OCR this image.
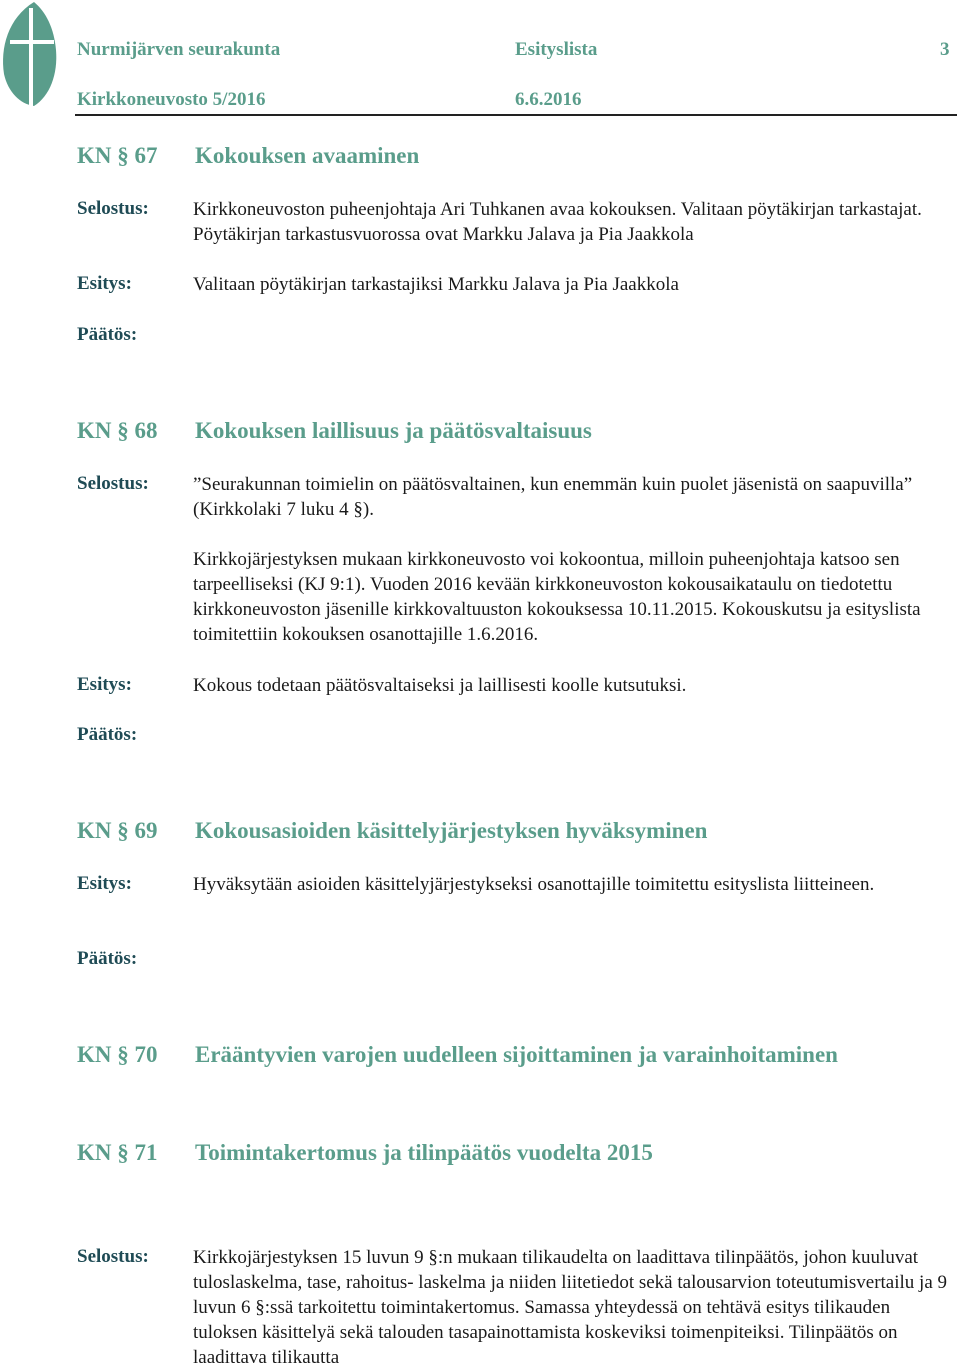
Nurmijärven seurakunta	Esityslista	3
Kirkkoneuvosto 5/2016	6.6.2016
KN § 67 Kokouksen avaaminen
Selostus: Kirkkoneuvoston puheenjohtaja Ari Tuhkanen avaa kokouksen. Valitaan pöytäkirjan tarkastajat. Pöytäkirjan tarkastusvuorossa ovat Markku Jalava ja Pia Jaakkola
Esitys:	Valitaan pöytäkirjan tarkastajiksi Markku Jalava ja Pia Jaakkola
Päätös:
KN § 68 Kokouksen laillisuus ja päätösvaltaisuus
Selostus: ”Seurakunnan toimielin on päätösvaltainen, kun enemmän kuin puolet jäsenistä on saapuvilla” (Kirkkolaki 7 luku 4 §).
Kirkkojärjestyksen mukaan kirkkoneuvosto voi kokoontua, milloin puheenjohtaja katsoo sen tarpeelliseksi (KJ 9:1). Vuoden 2016 kevään kirkkoneuvoston kokousaikataulu on tiedotettu kirkkoneuvoston jäsenille kirkkovaltuuston kokouksessa 10.11.2015. Kokouskutsu ja esityslista toimitettiin kokouksen osanottajille 1.6.2016.
Esitys:	Kokous todetaan päätösvaltaiseksi ja laillisesti koolle kutsutuksi.
Päätös:
KN § 69 Kokousasioiden käsittelyjärjestyksen hyväksyminen
Esitys:	Hyväksytään asioiden käsittelyjärjestykseksi osanottajille toimitettu esityslista liitteineen.
Päätös:
KN § 70 Erääntyvien varojen uudelleen sijoittaminen ja varainhoitaminen
KN § 71 Toimintakertomus ja tilinpäätös vuodelta 2015
Selostus: Kirkkojärjestyksen 15 luvun 9 §:n mukaan tilikaudelta on laadittava tilinpäätös, johon kuuluvat tuloslaskelma, tase, rahoitus- laskelma ja niiden liitetiedot sekä talousarvion toteutumisvertailu ja 9 luvun 6 §:ssä tarkoitettu toimintakertomus. Samassa yhteydessä on tehtävä esitys tilikauden tuloksen käsittelyä sekä talouden tasapainottamista koskeviksi toimenpiteiksi. Tilinpäätös on laadittava tilikautta
